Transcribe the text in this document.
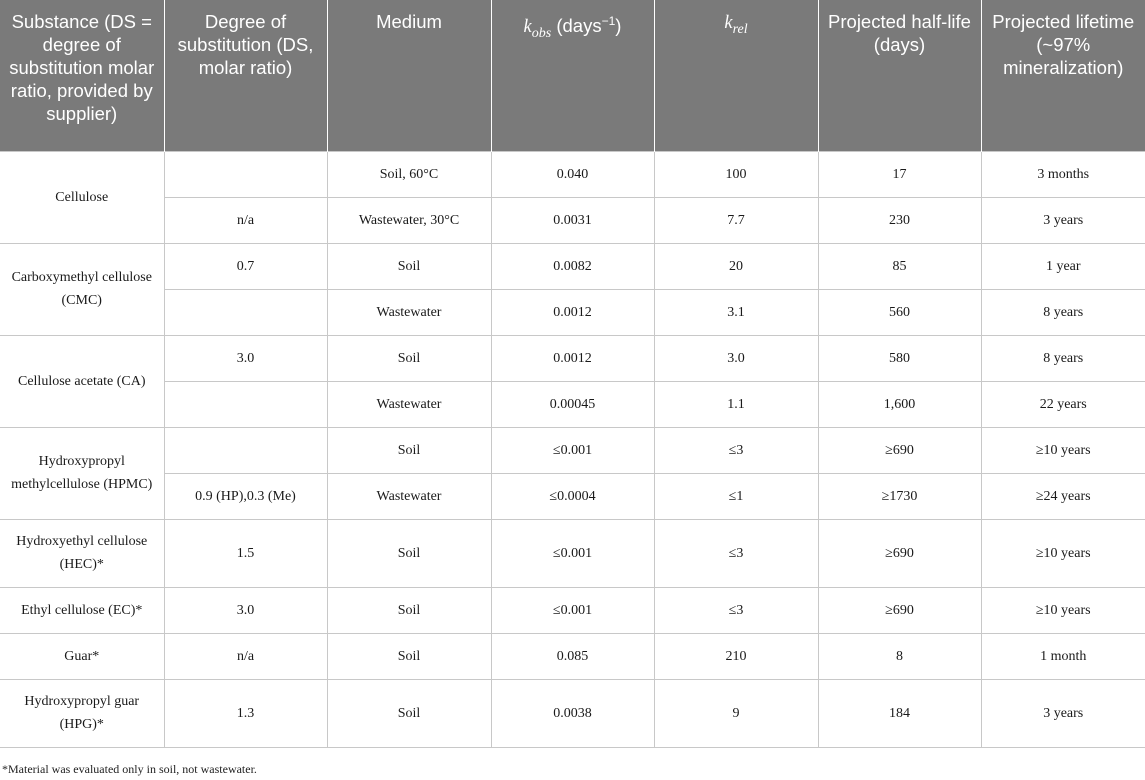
Substance (DS = degree of substitution molar ratio, provided by supplier)	Degree of substitution (DS, molar ratio)	Medium	$k_{obs}$ (days$^{-1}$)	$k_{rel}$	Projected half-life (days)	Projected lifetime (~97% mineralization)
Cellulose		Soil, 60°C	0.040	100	17	3 months
	n/a	Wastewater, 30°C	0.0031	7.7	230	3 years
Carboxymethyl cellulose (CMC)	0.7	Soil	0.0082	20	85	1 year
		Wastewater	0.0012	3.1	560	8 years
Cellulose acetate (CA)	3.0	Soil	0.0012	3.0	580	8 years
		Wastewater	0.00045	1.1	1,600	22 years
Hydroxypropyl methylcellulose (HPMC)		Soil	≤0.001	≤3	≥690	≥10 years
	0.9 (HP),0.3 (Me)	Wastewater	≤0.0004	≤1	≥1730	≥24 years
Hydroxyethyl cellulose (HEC)*	1.5	Soil	≤0.001	≤3	≥690	≥10 years
Ethyl cellulose (EC)*	3.0	Soil	≤0.001	≤3	≥690	≥10 years
Guar*	n/a	Soil	0.085	210	8	1 month
Hydroxypropyl guar (HPG)*	1.3	Soil	0.0038	9	184	3 years
*Material was evaluated only in soil, not wastewater.
